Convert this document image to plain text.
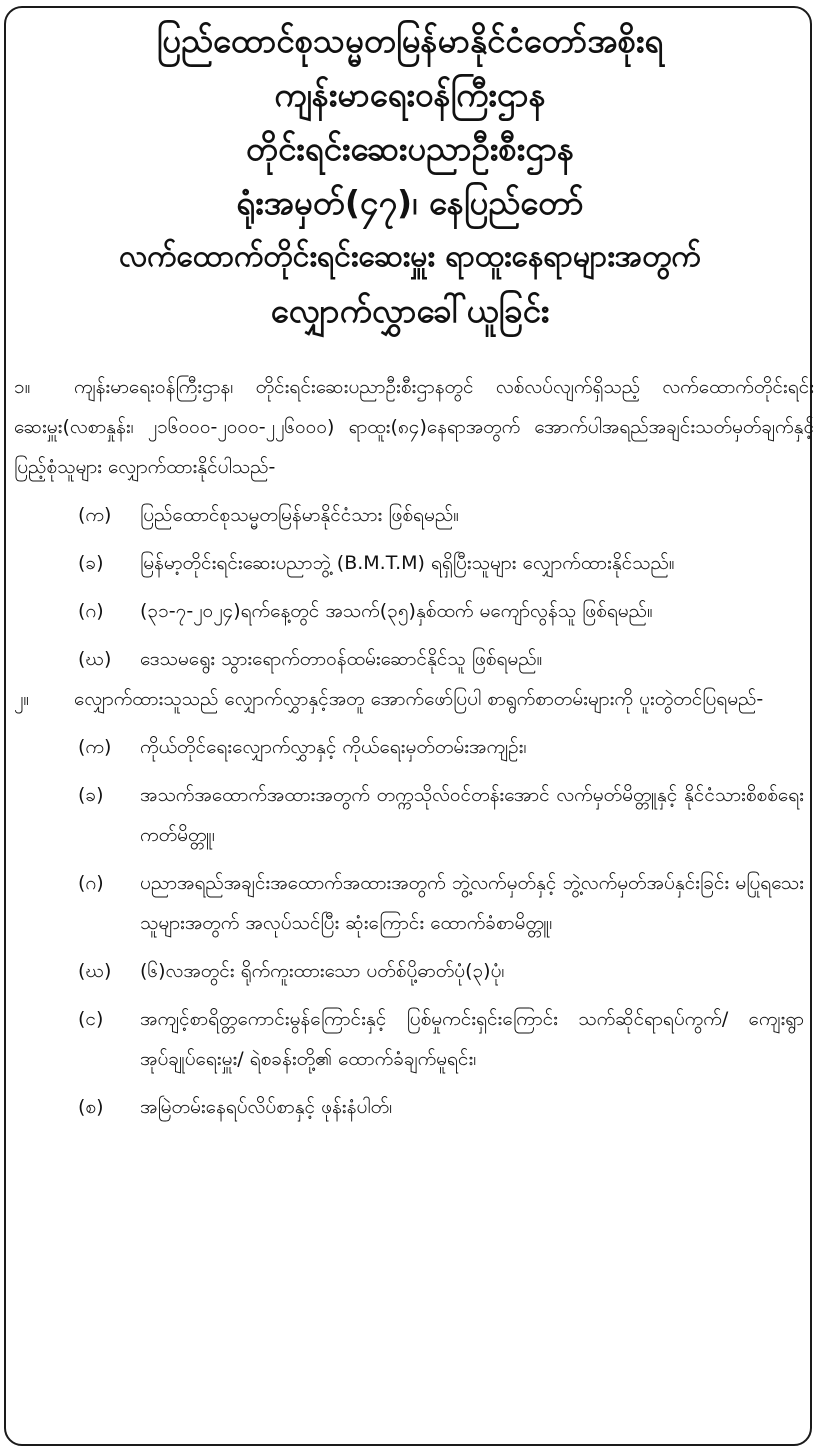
ပြည်ထောင်စုသမ္မတမြန်မာနိုင်ငံတော်အစိုးရ
ကျန်းမာရေးဝန်ကြီးဌာန
တိုင်းရင်းဆေးပညာဦးစီးဌာန
ရုံးအမှတ်(၄၇)၊ နေပြည်တော်
လက်ထောက်တိုင်းရင်းဆေးမှူး ရာထူးနေရာများအတွက်
လျှောက်လွှာခေါ်ယူခြင်း
၁။ ကျန်းမာရေးဝန်ကြီးဌာန၊ တိုင်းရင်းဆေးပညာဦးစီးဌာနတွင် လစ်လပ်လျက်ရှိသည့် လက်ထောက်တိုင်းရင်းဆေးမှူး(လစာနှုန်း၊ ၂၁၆၀၀၀-၂၀၀၀-၂၂၆၀၀၀) ရာထူး(၈၄)နေရာအတွက် အောက်ပါအရည်အချင်းသတ်မှတ်ချက်နှင့် ပြည့်စုံသူများ လျှောက်ထားနိုင်ပါသည်-
(က)	ပြည်ထောင်စုသမ္မတမြန်မာနိုင်ငံသား ဖြစ်ရမည်။
(ခ)	မြန်မာ့တိုင်းရင်းဆေးပညာဘွဲ့ (B.M.T.M) ရရှိပြီးသူများ လျှောက်ထားနိုင်သည်။
(ဂ)	(၃၁-၇-၂၀၂၄)ရက်နေ့တွင် အသက်(၃၅)နှစ်ထက် မကျော်လွန်သူ ဖြစ်ရမည်။
(ဃ)	ဒေသမရွေး သွားရောက်တာဝန်ထမ်းဆောင်နိုင်သူ ဖြစ်ရမည်။
၂။ လျှောက်ထားသူသည် လျှောက်လွှာနှင့်အတူ အောက်ဖော်ပြပါ စာရွက်စာတမ်းများကို ပူးတွဲတင်ပြရမည်-
(က)	ကိုယ်တိုင်ရေးလျှောက်လွှာနှင့် ကိုယ်ရေးမှတ်တမ်းအကျဉ်း၊
(ခ)	အသက်အထောက်အထားအတွက် တက္ကသိုလ်ဝင်တန်းအောင် လက်မှတ်မိတ္တူနှင့် နိုင်ငံသားစိစစ်ရေးကတ်မိတ္တူ၊
(ဂ)	ပညာအရည်အချင်းအထောက်အထားအတွက် ဘွဲ့လက်မှတ်နှင့် ဘွဲ့လက်မှတ်အပ်နှင်းခြင်း မပြုရသေးသူများအတွက် အလုပ်သင်ပြီး ဆုံးကြောင်း ထောက်ခံစာမိတ္တူ၊
(ဃ)	(၆)လအတွင်း ရိုက်ကူးထားသော ပတ်စ်ပို့ဓာတ်ပုံ(၃)ပုံ၊
(င)	အကျင့်စာရိတ္တကောင်းမွန်ကြောင်းနှင့် ပြစ်မှုကင်းရှင်းကြောင်း သက်ဆိုင်ရာရပ်ကွက်/ ကျေးရွာအုပ်ချုပ်ရေးမှူး/ ရဲစခန်းတို့၏ ထောက်ခံချက်မူရင်း၊
(စ)	အမြဲတမ်းနေရပ်လိပ်စာနှင့် ဖုန်းနံပါတ်၊
